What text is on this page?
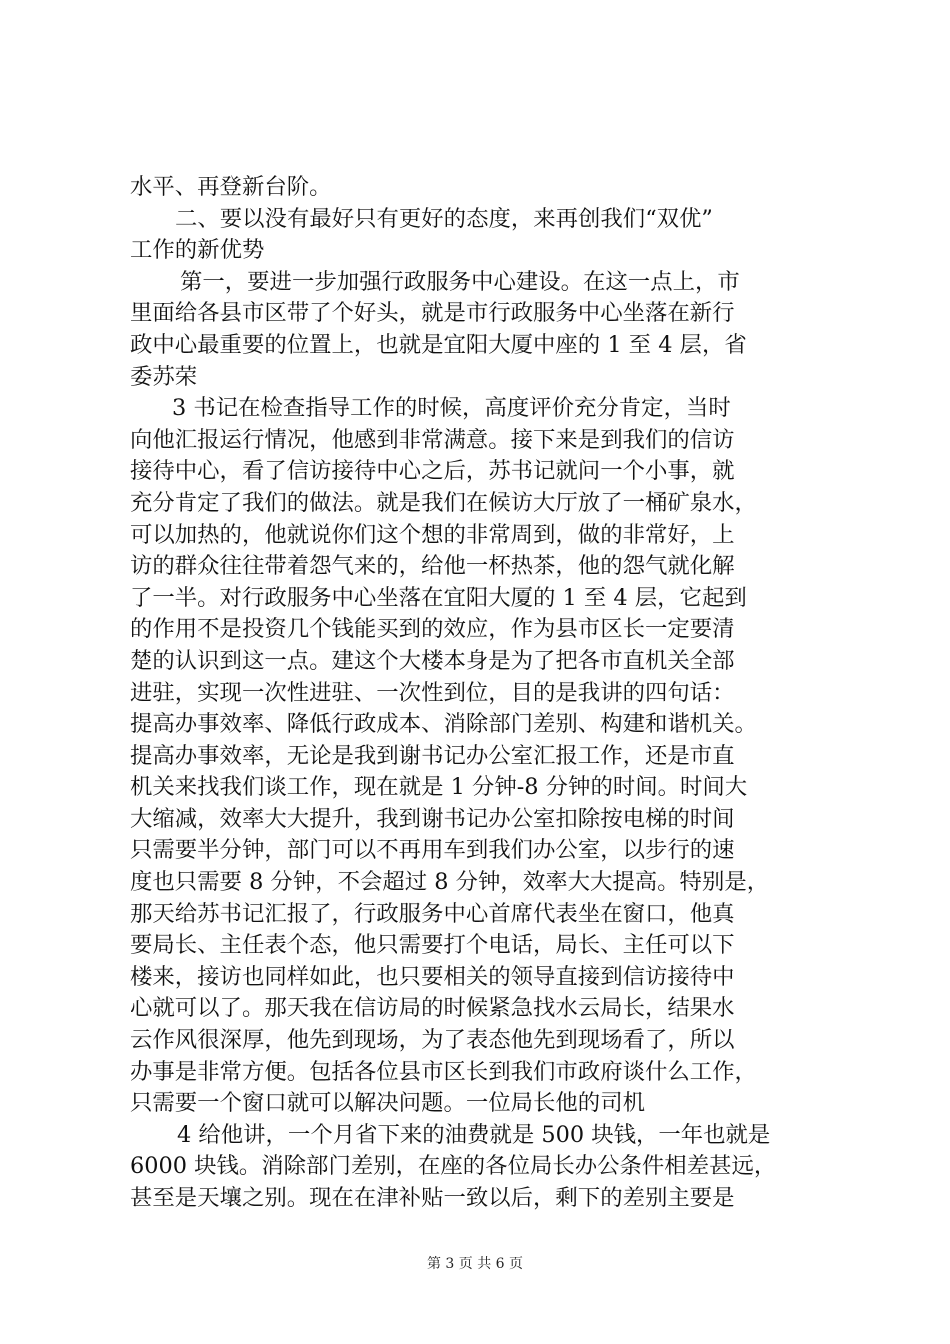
水平、再登新台阶。
二、要以没有最好只有更好的态度，来再创我们“双优”
工作的新优势
第一，要进一步加强行政服务中心建设。在这一点上，市
里面给各县市区带了个好头，就是市行政服务中心坐落在新行
政中心最重要的位置上，也就是宜阳大厦中座的 1 至 4 层，省
委苏荣
3 书记在检查指导工作的时候，高度评价充分肯定，当时
向他汇报运行情况，他感到非常满意。接下来是到我们的信访
接待中心，看了信访接待中心之后，苏书记就问一个小事，就
充分肯定了我们的做法。就是我们在候访大厅放了一桶矿泉水，
可以加热的，他就说你们这个想的非常周到，做的非常好，上
访的群众往往带着怨气来的，给他一杯热茶，他的怨气就化解
了一半。对行政服务中心坐落在宜阳大厦的 1 至 4 层，它起到
的作用不是投资几个钱能买到的效应，作为县市区长一定要清
楚的认识到这一点。建这个大楼本身是为了把各市直机关全部
进驻，实现一次性进驻、一次性到位，目的是我讲的四句话：
提高办事效率、降低行政成本、消除部门差别、构建和谐机关。
提高办事效率，无论是我到谢书记办公室汇报工作，还是市直
机关来找我们谈工作，现在就是 1 分钟-8 分钟的时间。时间大
大缩减，效率大大提升，我到谢书记办公室扣除按电梯的时间
只需要半分钟，部门可以不再用车到我们办公室，以步行的速
度也只需要 8 分钟，不会超过 8 分钟，效率大大提高。特别是，
那天给苏书记汇报了，行政服务中心首席代表坐在窗口，他真
要局长、主任表个态，他只需要打个电话，局长、主任可以下
楼来，接访也同样如此，也只要相关的领导直接到信访接待中
心就可以了。那天我在信访局的时候紧急找水云局长，结果水
云作风很深厚，他先到现场，为了表态他先到现场看了，所以
办事是非常方便。包括各位县市区长到我们市政府谈什么工作，
只需要一个窗口就可以解决问题。一位局长他的司机
4 给他讲，一个月省下来的油费就是 500 块钱，一年也就是
6000 块钱。消除部门差别，在座的各位局长办公条件相差甚远，
甚至是天壤之别。现在在津补贴一致以后，剩下的差别主要是
第 3 页 共 6 页
